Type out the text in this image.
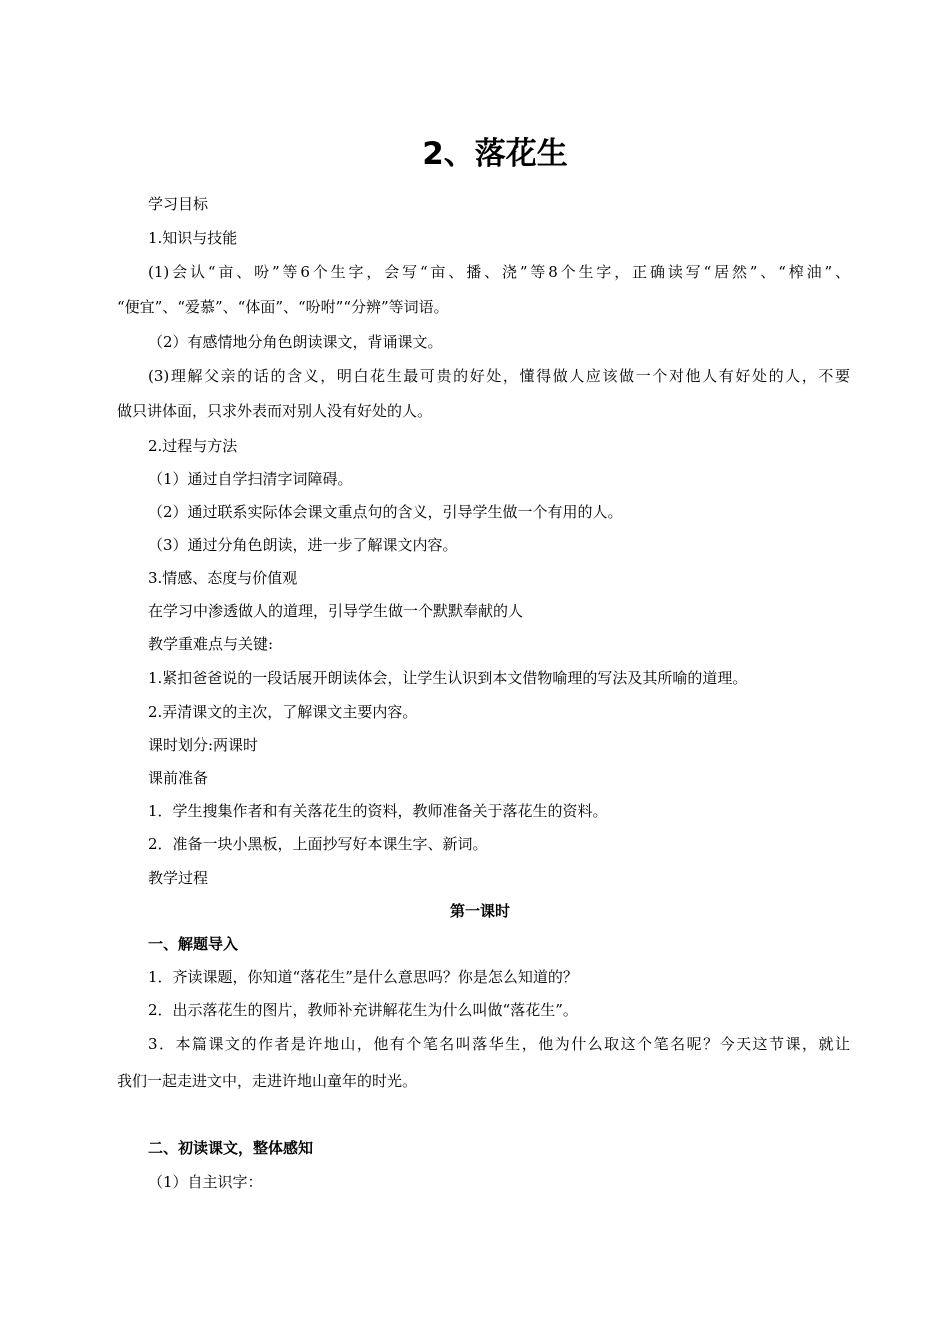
2、落花生
学习目标
1.知识与技能
(1)会认“亩、吩”等6个生字，会写“亩、播、浇”等8个生字，正确读写“居然”、“榨油”、
“便宜”、“爱慕”、“体面”、“吩咐”“分辨”等词语。
（2）有感情地分角色朗读课文，背诵课文。
(3)理解父亲的话的含义，明白花生最可贵的好处，懂得做人应该做一个对他人有好处的人，不要
做只讲体面，只求外表而对别人没有好处的人。
2.过程与方法
（1）通过自学扫清字词障碍。
（2）通过联系实际体会课文重点句的含义，引导学生做一个有用的人。
（3）通过分角色朗读，进一步了解课文内容。
3.情感、态度与价值观
在学习中渗透做人的道理，引导学生做一个默默奉献的人
教学重难点与关键:
1.紧扣爸爸说的一段话展开朗读体会，让学生认识到本文借物喻理的写法及其所喻的道理。
2.弄清课文的主次，了解课文主要内容。
课时划分:两课时
课前准备
1．学生搜集作者和有关落花生的资料，教师准备关于落花生的资料。
2．准备一块小黑板，上面抄写好本课生字、新词。
教学过程
第一课时
一、解题导入
1．齐读课题，你知道“落花生”是什么意思吗？你是怎么知道的？
2．出示落花生的图片，教师补充讲解花生为什么叫做“落花生”。
3．本篇课文的作者是许地山，他有个笔名叫落华生，他为什么取这个笔名呢？今天这节课，就让
我们一起走进文中，走进许地山童年的时光。
二、初读课文，整体感知
（1）自主识字：
